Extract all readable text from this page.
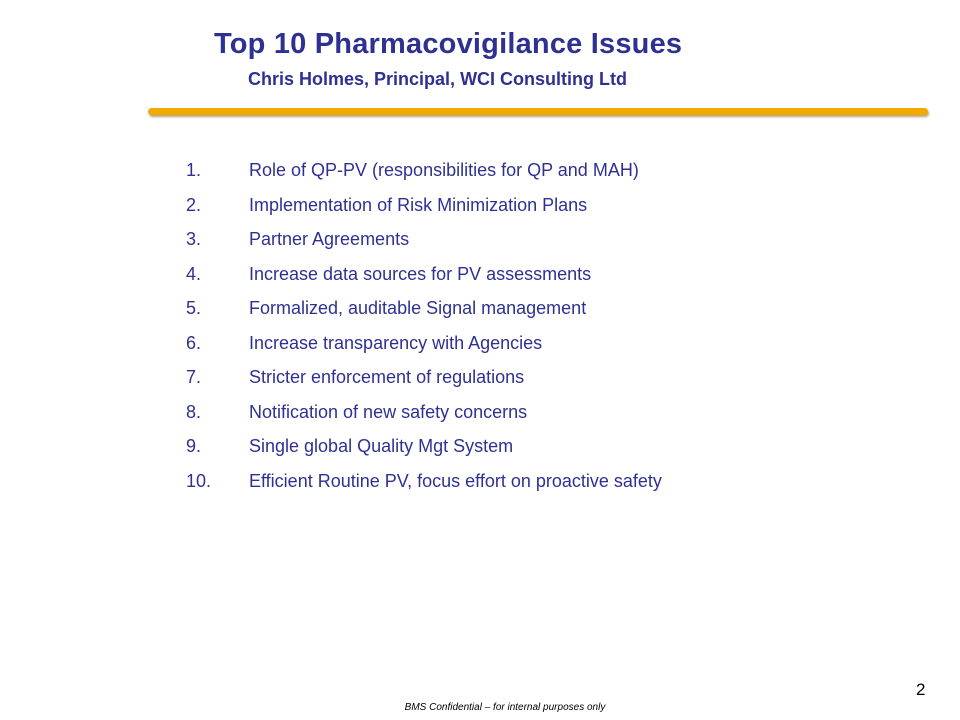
Top 10 Pharmacovigilance Issues
Chris Holmes, Principal, WCI Consulting Ltd
1.	Role of QP-PV (responsibilities for QP and MAH)
2.	Implementation of Risk Minimization Plans
3.	Partner Agreements
4.	Increase data sources for PV assessments
5.	Formalized, auditable Signal management
6.	Increase transparency with Agencies
7.	Stricter enforcement of regulations
8.	Notification of new safety concerns
9.	Single global Quality Mgt System
10.	Efficient Routine PV, focus effort on proactive safety
2
BMS Confidential – for internal purposes only
